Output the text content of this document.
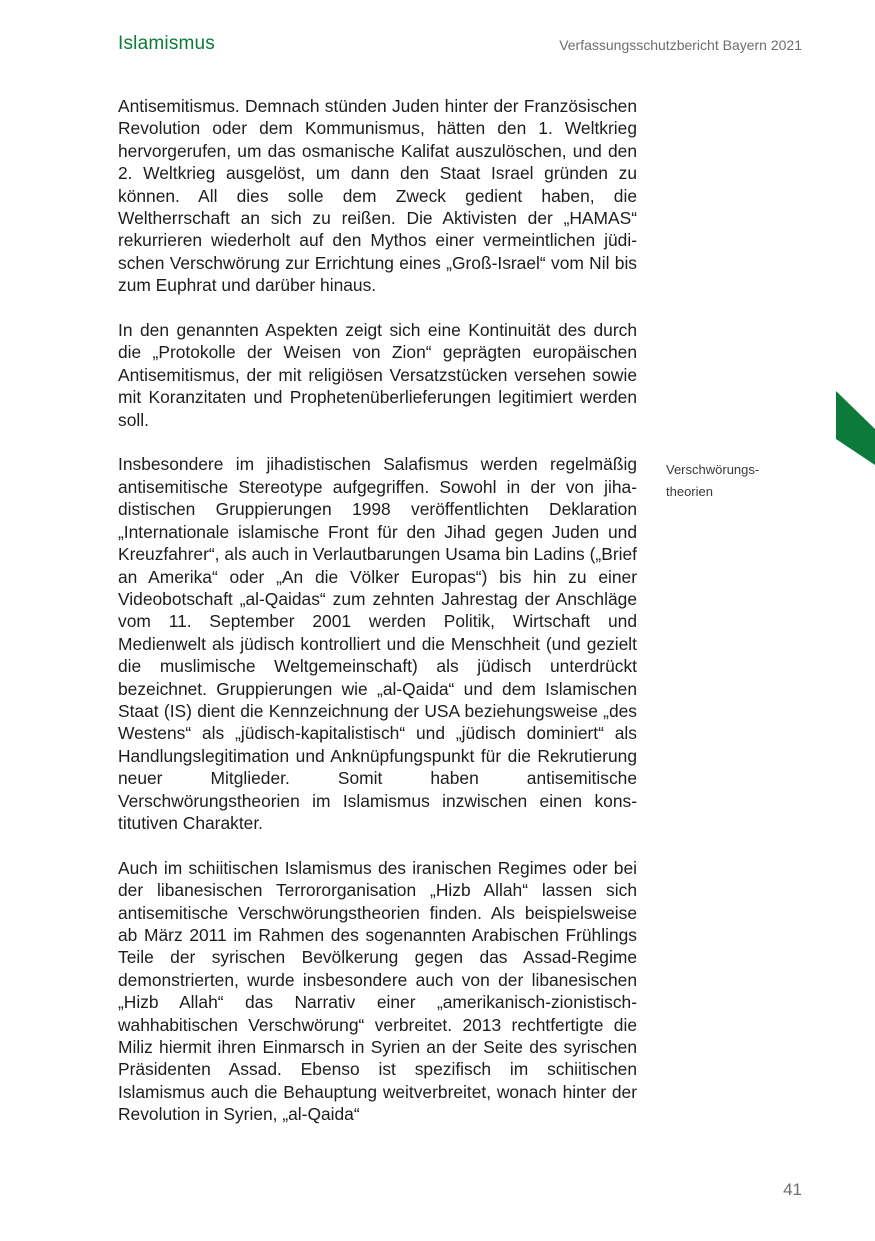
Islamismus	Verfassungsschutzbericht Bayern 2021

Antisemitismus. Demnach stünden Juden hinter der Französischen Revolution oder dem Kommunismus, hätten den 1. Weltkrieg hervorgerufen, um das osmanische Kalifat auszulöschen, und den 2. Weltkrieg ausgelöst, um dann den Staat Israel gründen zu können. All dies solle dem Zweck gedient haben, die Weltherrschaft an sich zu reißen. Die Aktivisten der „HAMAS“ rekurrieren wiederholt auf den Mythos einer vermeintlichen jüdischen Verschwörung zur Errichtung eines „Groß-Israel“ vom Nil bis zum Euphrat und darüber hinaus.

In den genannten Aspekten zeigt sich eine Kontinuität des durch die „Protokolle der Weisen von Zion“ geprägten europäischen Antisemitismus, der mit religiösen Versatzstücken versehen sowie mit Koranzitaten und Prophetenüberlieferungen legitimiert werden soll.

Insbesondere im jihadistischen Salafismus werden regelmäßig antisemitische Stereotype aufgegriffen. Sowohl in der von jihadistischen Gruppierungen 1998 veröffentlichten Deklaration „Internationale islamische Front für den Jihad gegen Juden und Kreuzfahrer“, als auch in Verlautbarungen Usama bin Ladins („Brief an Amerika“ oder „An die Völker Europas“) bis hin zu einer Videobotschaft „al-Qaidas“ zum zehnten Jahrestag der Anschläge vom 11. September 2001 werden Politik, Wirtschaft und Medienwelt als jüdisch kontrolliert und die Menschheit (und gezielt die muslimische Weltgemeinschaft) als jüdisch unterdrückt bezeichnet. Gruppierungen wie „al-Qaida“ und dem Islamischen Staat (IS) dient die Kennzeichnung der USA beziehungsweise „des Westens“ als „jüdisch-kapitalistisch“ und „jüdisch dominiert“ als Handlungslegitimation und Anknüpfungspunkt für die Rekrutierung neuer Mitglieder. Somit haben antisemitische Verschwörungstheorien im Islamismus inzwischen einen konstitutiven Charakter.

Auch im schiitischen Islamismus des iranischen Regimes oder bei der libanesischen Terrororganisation „Hizb Allah“ lassen sich antisemitische Verschwörungstheorien finden. Als beispielsweise ab März 2011 im Rahmen des sogenannten Arabischen Frühlings Teile der syrischen Bevölkerung gegen das Assad-Regime demonstrierten, wurde insbesondere auch von der libanesischen „Hizb Allah“ das Narrativ einer „amerikanisch-zionistisch-wahhabitischen Verschwörung“ verbreitet. 2013 rechtfertigte die Miliz hiermit ihren Einmarsch in Syrien an der Seite des syrischen Präsidenten Assad. Ebenso ist spezifisch im schiitischen Islamismus auch die Behauptung weitverbreitet, wonach hinter der Revolution in Syrien, „al-Qaida“

Verschwörungs-
theorien
41
